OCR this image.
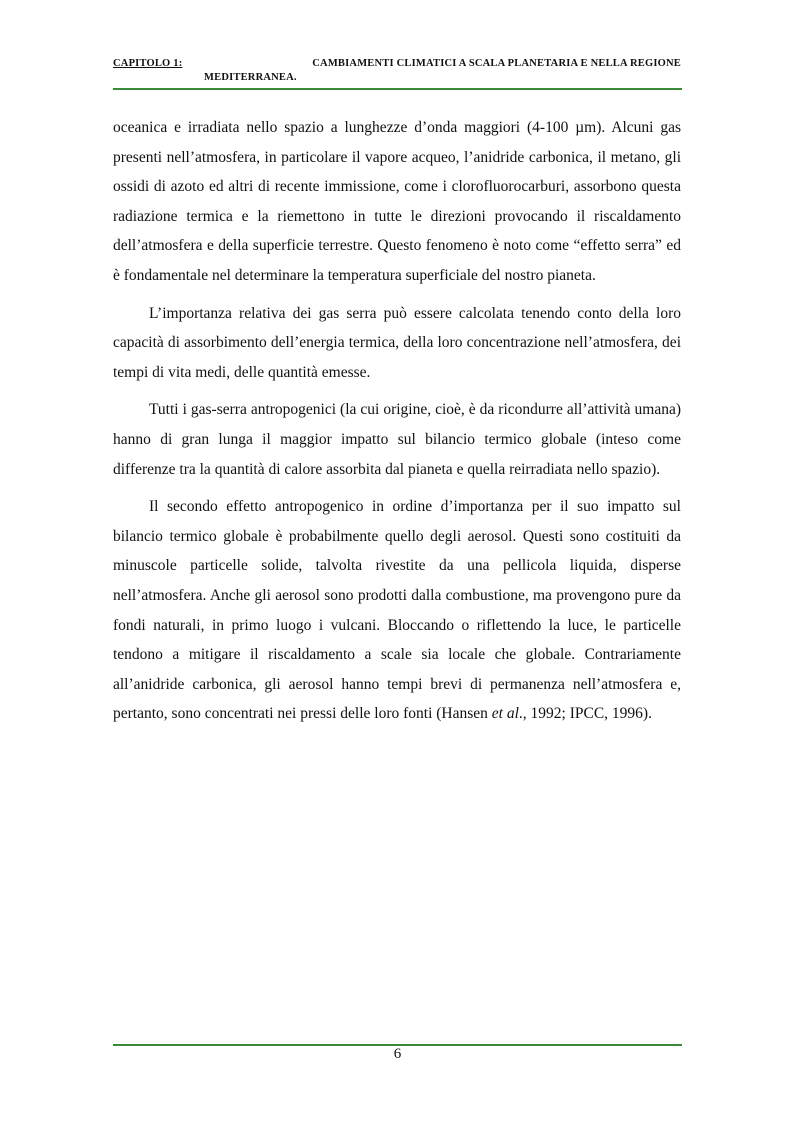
CAPITOLO 1:	CAMBIAMENTI CLIMATICI A SCALA PLANETARIA E NELLA REGIONE
MEDITERRANEA.

oceanica e irradiata nello spazio a lunghezze d’onda maggiori (4-100 µm). Alcuni gas presenti nell’atmosfera, in particolare il vapore acqueo, l’anidride carbonica, il metano, gli ossidi di azoto ed altri di recente immissione, come i clorofluorocarburi, assorbono questa radiazione termica e la riemettono in tutte le direzioni provocando il riscaldamento dell’atmosfera e della superficie terrestre. Questo fenomeno è noto come “effetto serra” ed è fondamentale nel determinare la temperatura superficiale del nostro pianeta.

L’importanza relativa dei gas serra può essere calcolata tenendo conto della loro capacità di assorbimento dell’energia termica, della loro concentrazione nell’atmosfera, dei tempi di vita medi, delle quantità emesse.

Tutti i gas-serra antropogenici (la cui origine, cioè, è da ricondurre all’attività umana) hanno di gran lunga il maggior impatto sul bilancio termico globale (inteso come differenze tra la quantità di calore assorbita dal pianeta e quella reirradiata nello spazio).

Il secondo effetto antropogenico in ordine d’importanza per il suo impatto sul bilancio termico globale è probabilmente quello degli aerosol. Questi sono costituiti da minuscole particelle solide, talvolta rivestite da una pellicola liquida, disperse nell’atmosfera. Anche gli aerosol sono prodotti dalla combustione, ma provengono pure da fondi naturali, in primo luogo i vulcani. Bloccando o riflettendo la luce, le particelle tendono a mitigare il riscaldamento a scale sia locale che globale. Contrariamente all’anidride carbonica, gli aerosol hanno tempi brevi di permanenza nell’atmosfera e, pertanto, sono concentrati nei pressi delle loro fonti (Hansen et al., 1992; IPCC, 1996).

6
